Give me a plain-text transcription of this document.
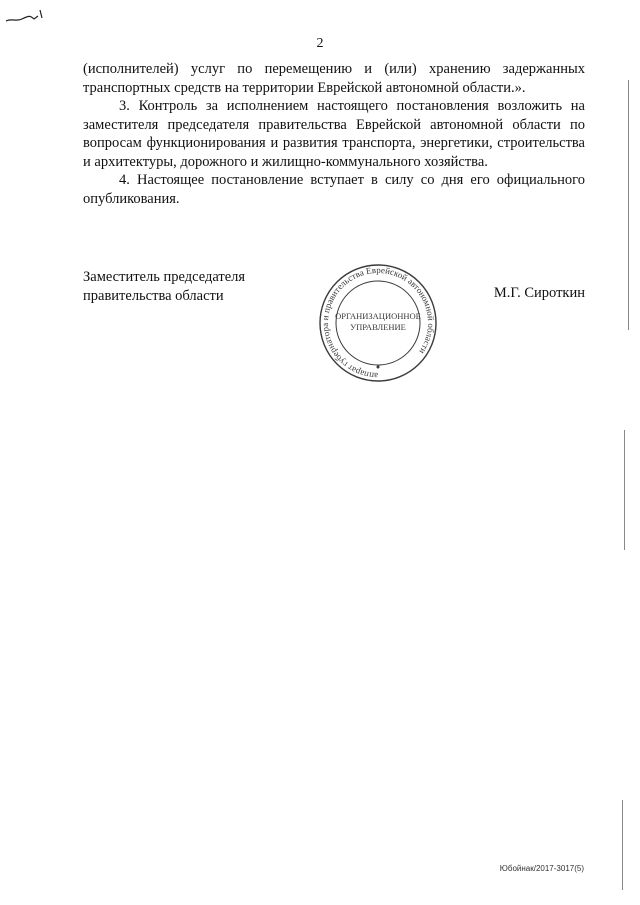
2

(исполнителей) услуг по перемещению и (или) хранению задержанных транспортных средств на территории Еврейской автономной области.».

3. Контроль за исполнением настоящего постановления возложить на заместителя председателя правительства Еврейской автономной области по вопросам функционирования и развития транспорта, энергетики, строительства и архитектуры, дорожного и жилищно-коммунального хозяйства.

4. Настоящее постановление вступает в силу со дня его официального опубликования.

Заместитель председателя
правительства области	М.Г. Сироткин
аппарат губернатора и правительства Еврейской автономной области
ОРГАНИЗАЦИОННОЕ
УПРАВЛЕНИЕ
Юбойнак/2017-3017(5)
